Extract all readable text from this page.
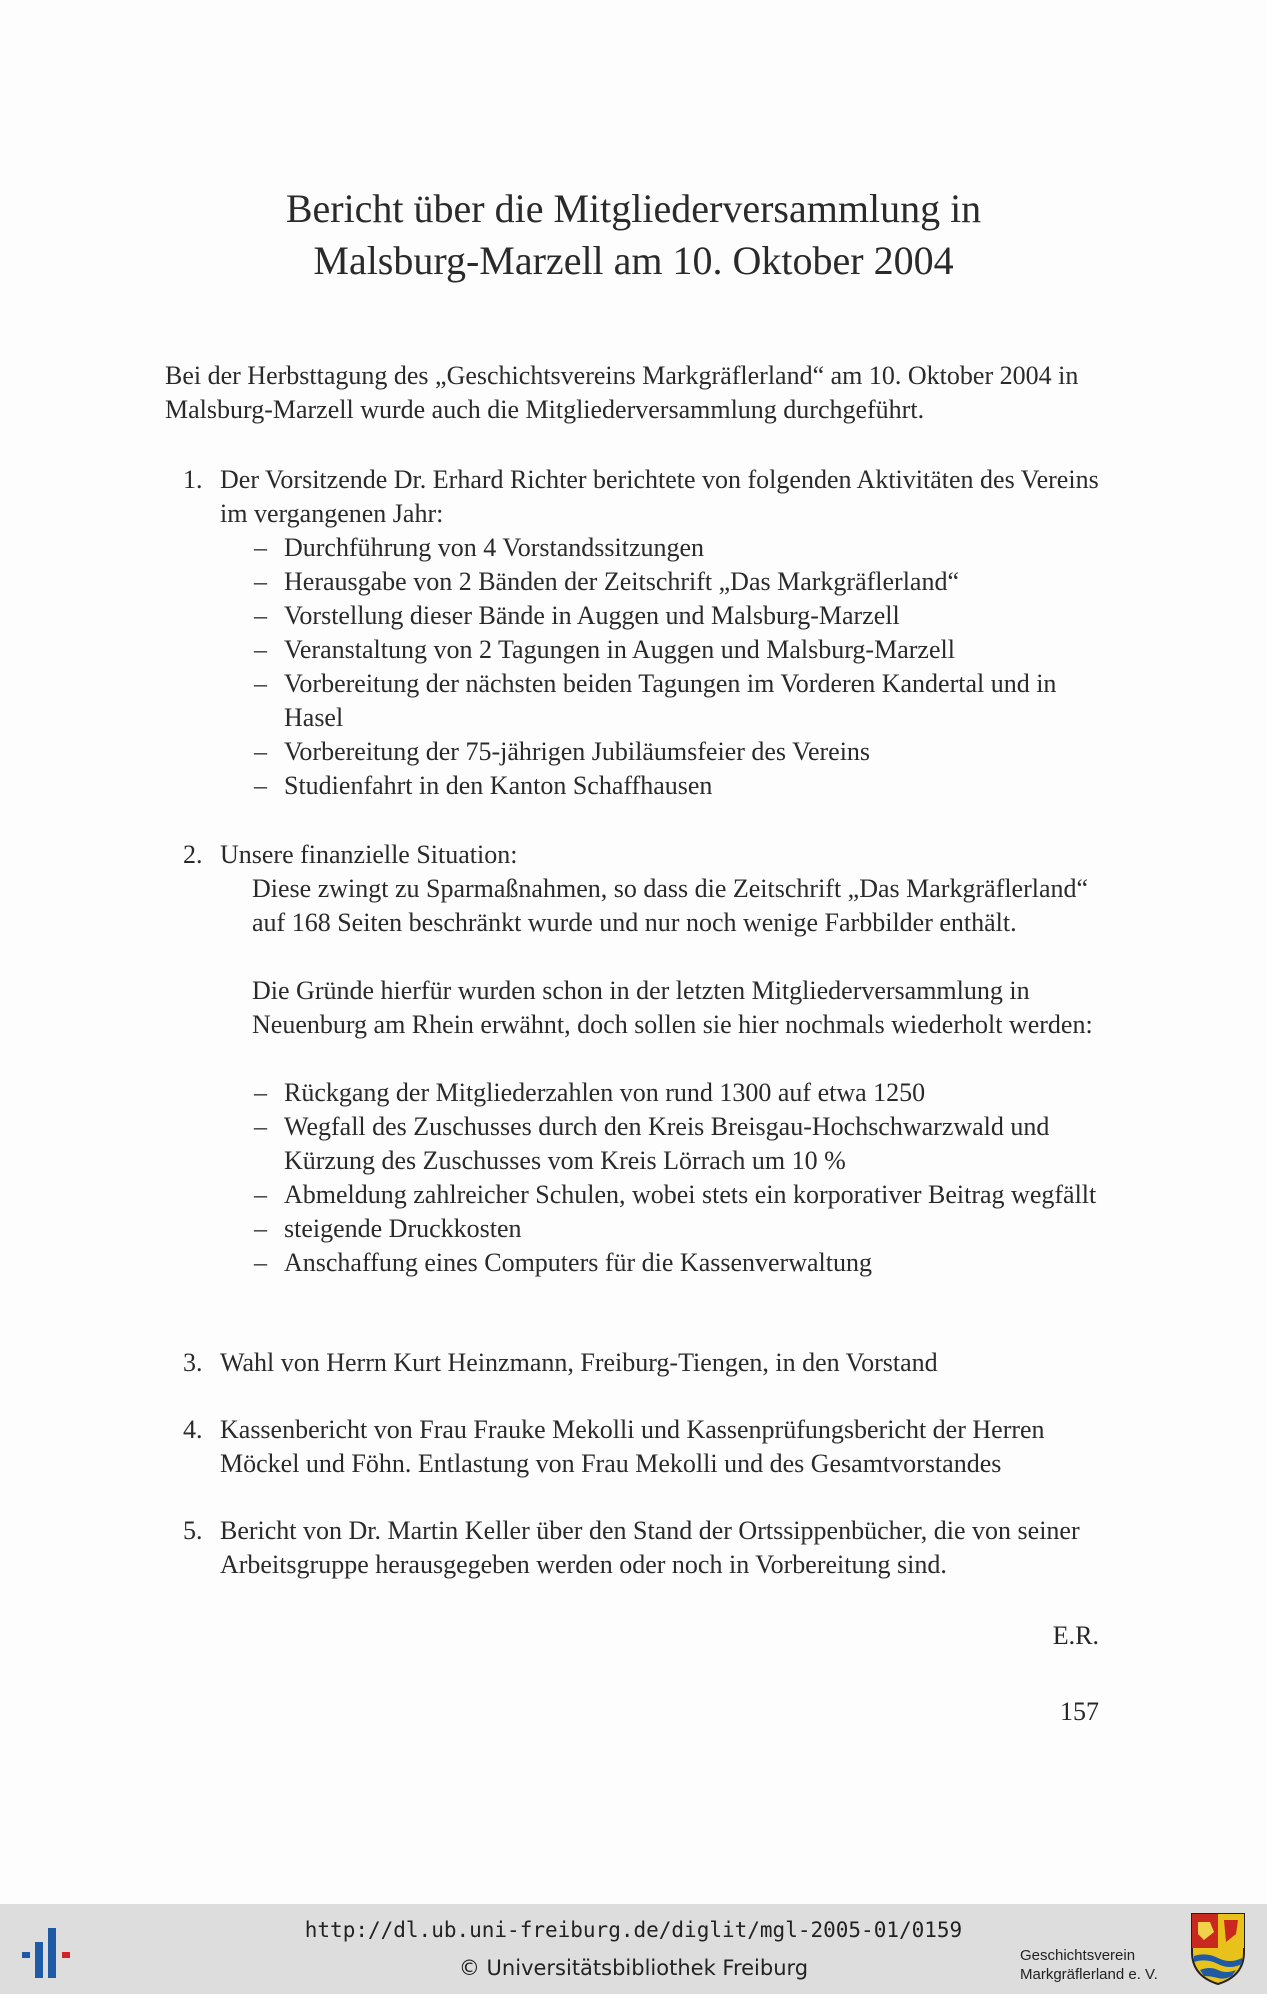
Bericht über die Mitgliederversammlung in
Malsburg-Marzell am 10. Oktober 2004
Bei der Herbsttagung des „Geschichtsvereins Markgräflerland“ am 10. Oktober 2004 in Malsburg-Marzell wurde auch die Mitgliederversammlung durchgeführt.
1. Der Vorsitzende Dr. Erhard Richter berichtete von folgenden Aktivitäten des Vereins im vergangenen Jahr:
– Durchführung von 4 Vorstandssitzungen
– Herausgabe von 2 Bänden der Zeitschrift „Das Markgräflerland“
– Vorstellung dieser Bände in Auggen und Malsburg-Marzell
– Veranstaltung von 2 Tagungen in Auggen und Malsburg-Marzell
– Vorbereitung der nächsten beiden Tagungen im Vorderen Kandertal und in Hasel
– Vorbereitung der 75-jährigen Jubiläumsfeier des Vereins
– Studienfahrt in den Kanton Schaffhausen
2. Unsere finanzielle Situation:
Diese zwingt zu Sparmaßnahmen, so dass die Zeitschrift „Das Markgräflerland“ auf 168 Seiten beschränkt wurde und nur noch wenige Farbbilder enthält.
Die Gründe hierfür wurden schon in der letzten Mitgliederversammlung in Neuenburg am Rhein erwähnt, doch sollen sie hier nochmals wiederholt werden:
– Rückgang der Mitgliederzahlen von rund 1300 auf etwa 1250
– Wegfall des Zuschusses durch den Kreis Breisgau-Hochschwarzwald und Kürzung des Zuschusses vom Kreis Lörrach um 10 %
– Abmeldung zahlreicher Schulen, wobei stets ein korporativer Beitrag wegfällt
– steigende Druckkosten
– Anschaffung eines Computers für die Kassenverwaltung
3. Wahl von Herrn Kurt Heinzmann, Freiburg-Tiengen, in den Vorstand
4. Kassenbericht von Frau Frauke Mekolli und Kassenprüfungsbericht der Herren Möckel und Föhn. Entlastung von Frau Mekolli und des Gesamtvorstandes
5. Bericht von Dr. Martin Keller über den Stand der Ortssippenbücher, die von seiner Arbeitsgruppe herausgegeben werden oder noch in Vorbereitung sind.
E.R.
157
http://dl.ub.uni-freiburg.de/diglit/mgl-2005-01/0159
© Universitätsbibliothek Freiburg
Geschichtsverein
Markgräflerland e. V.
